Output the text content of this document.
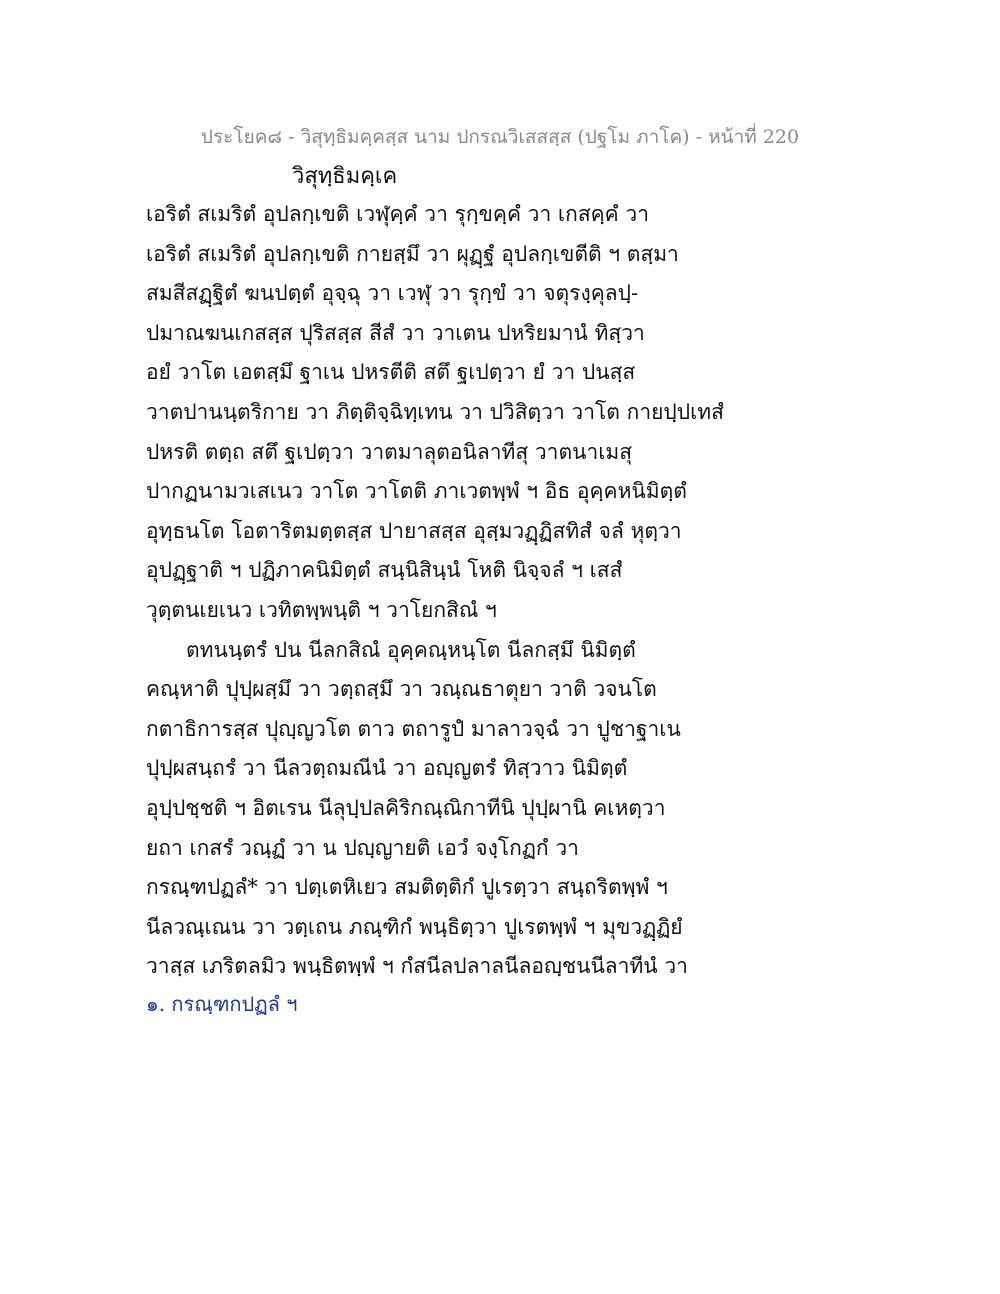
ประโยค๘ - วิสุทฺธิมคฺคสฺส นาม ปกรณวิเสสสฺส (ปฐโม ภาโค) - หน้าที่ 220
วิสุทฺธิมคฺเค
เอริตํ สเมริตํ อุปลกฺเขติ เวฬุคฺคํ วา รุกฺขคฺคํ วา เกสคฺคํ วา
เอริตํ สเมริตํ อุปลกฺเขติ กายสฺมึ วา ผุฏฺฐํ อุปลกฺเขตีติ ฯ ตสฺมา
สมสีสฏฺฐิตํ ฆนปตฺตํ อุจฺฉุ วา เวฬุ วา รุกฺขํ วา จตุรงฺคุลปฺ-
ปมาณฆนเกสสฺส ปุริสสฺส สีสํ วา วาเตน ปหริยมานํ ทิสฺวา
อยํ วาโต เอตสฺมึ ฐาเน ปหรตีติ สตึ ฐเปตฺวา ยํ วา ปนสฺส
วาตปานนฺตริกาย วา ภิตฺติจฺฉิทฺเทน วา ปวิสิตฺวา วาโต กายปฺปเทสํ
ปหรติ ตตฺถ สตึ ฐเปตฺวา วาตมาลุตอนิลาทีสุ วาตนาเมสุ
ปากฏนามวเสเนว วาโต วาโตติ ภาเวตพฺพํ ฯ อิธ อุคฺคหนิมิตฺตํ
อุทฺธนโต โอตาริตมตฺตสฺส ปายาสสฺส อุสฺมวฏฺฏิสทิสํ จลํ หุตฺวา
อุปฏฺฐาติ ฯ ปฏิภาคนิมิตฺตํ สนฺนิสินฺนํ โหติ นิจฺจลํ ฯ เสสํ
วุตฺตนเยเนว เวทิตพฺพนฺติ ฯ วาโยกสิณํ ฯ
ตทนนฺตรํ ปน นีลกสิณํ อุคฺคณฺหนฺโต นีลกสฺมึ นิมิตฺตํ
คณฺหาติ ปุปฺผสฺมึ วา วตฺถสฺมึ วา วณฺณธาตุยา วาติ วจนโต
กตาธิการสฺส ปุญฺญวโต ตาว ตถารูปํ มาลาวจฺฉํ วา ปูชาฐาเน
ปุปฺผสนฺถรํ วา นีลวตฺถมณีนํ วา อญฺญตรํ ทิสฺวาว นิมิตฺตํ
อุปฺปชฺชติ ฯ อิตเรน นีลุปฺปลคิริกณฺณิกาทีนิ ปุปฺผานิ คเหตฺวา
ยถา เกสรํ วณฺฏํ วา น ปญฺญายติ เอวํ จงฺโกฏกํ วา
กรณฺฑปฏลํ* วา ปตฺเตหิเยว สมติตฺติกํ ปูเรตฺวา สนฺถริตพฺพํ ฯ
นีลวณฺเณน วา วตฺเถน ภณฺฑิกํ พนฺธิตฺวา ปูเรตพฺพํ ฯ มุขวฏฺฏิยํ
วาสฺส เภริตลมิว พนฺธิตพฺพํ ฯ กํสนีลปลาลนีลอญฺชนนีลาทีนํ วา
๑. กรณฺฑกปฏลํ ฯ
